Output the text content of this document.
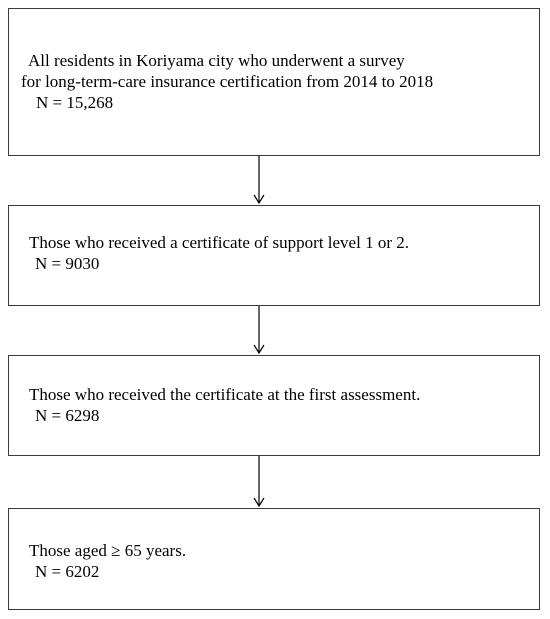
All residents in Koriyama city who underwent a survey
for long-term-care insurance certification from 2014 to 2018
N = 15,268
Those who received a certificate of support level 1 or 2.
N = 9030
Those who received the certificate at the first assessment.
N = 6298
Those aged ≥ 65 years.
N = 6202
